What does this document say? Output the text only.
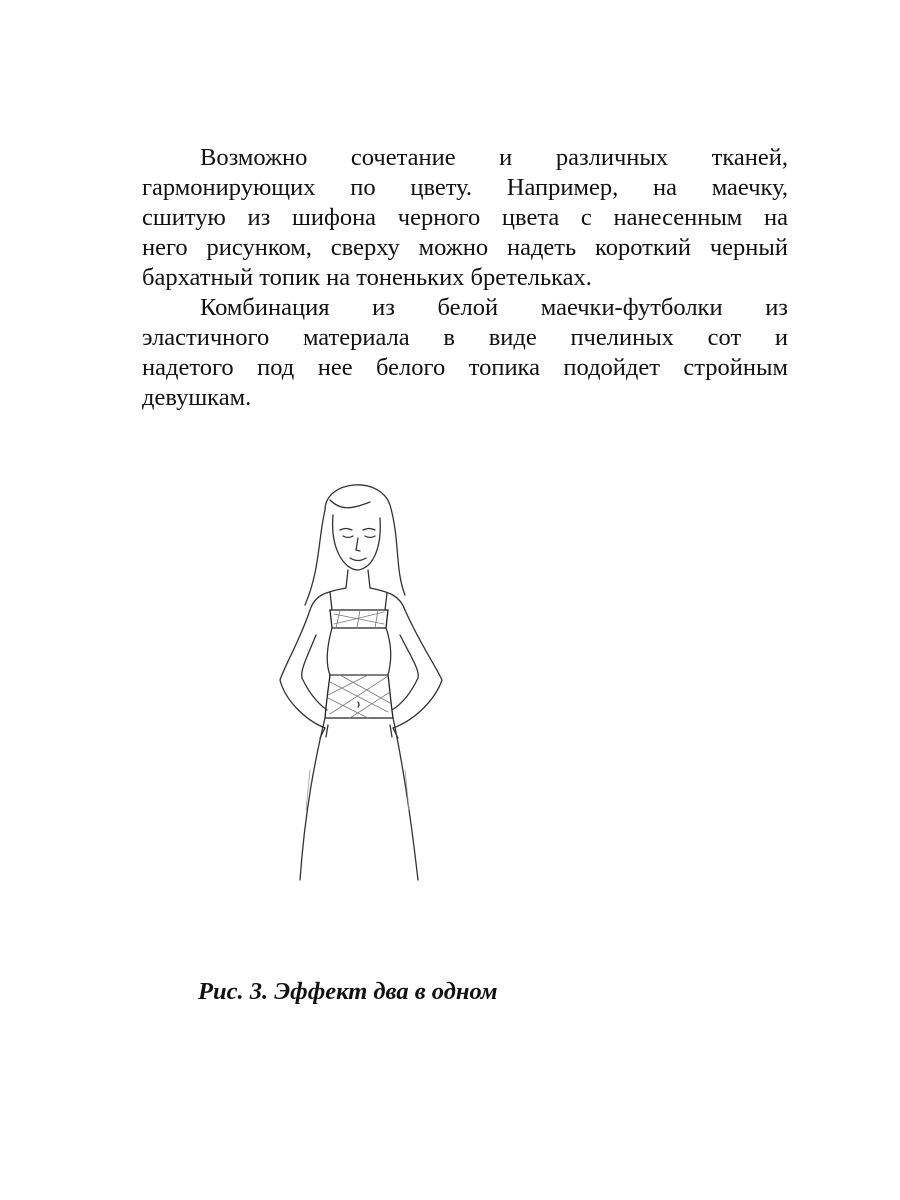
Возможно сочетание и различных тканей,
гармонирующих по цвету. Например, на маечку,
сшитую из шифона черного цвета с нанесенным на
него рисунком, сверху можно надеть короткий черный
бархатный топик на тоненьких бретельках.
Комбинация из белой маечки-футболки из
эластичного материала в виде пчелиных сот и
надетого под нее белого топика подойдет стройным
девушкам.
Рис. 3. Эффект два в одном
